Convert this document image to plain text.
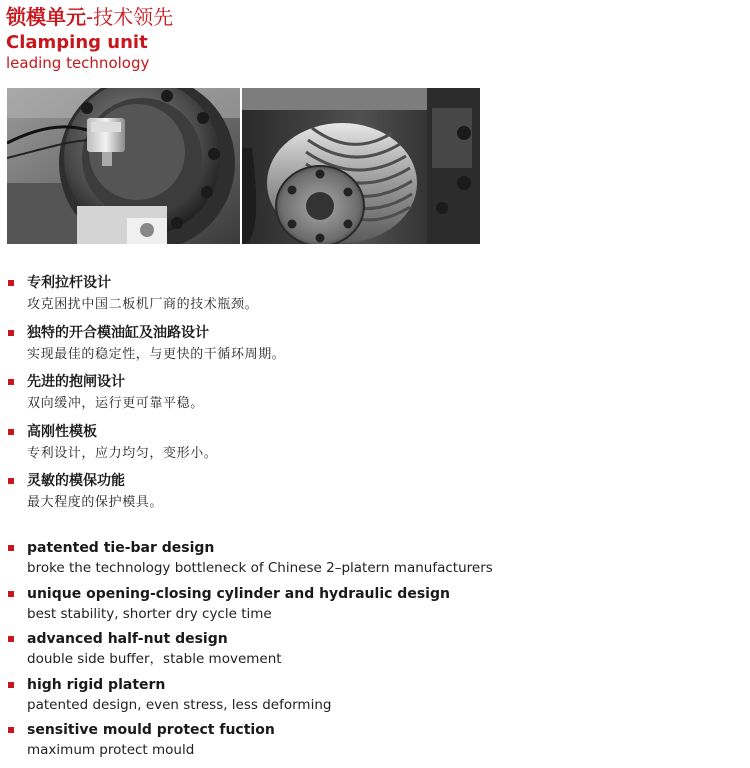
锁模单元-技术领先
Clamping unit
leading technology
专利拉杆设计
攻克困扰中国二板机厂商的技术瓶颈。
独特的开合模油缸及油路设计
实现最佳的稳定性，与更快的干循环周期。
先进的抱闸设计
双向缓冲，运行更可靠平稳。
高刚性模板
专利设计，应力均匀，变形小。
灵敏的模保功能
最大程度的保护模具。
patented tie-bar design
broke the technology bottleneck of Chinese 2–platern manufacturers
unique opening-closing cylinder and hydraulic design
best stability, shorter dry cycle time
advanced half-nut design
double side buffer，stable movement
high rigid platern
patented design, even stress, less deforming
sensitive mould protect fuction
maximum protect mould
